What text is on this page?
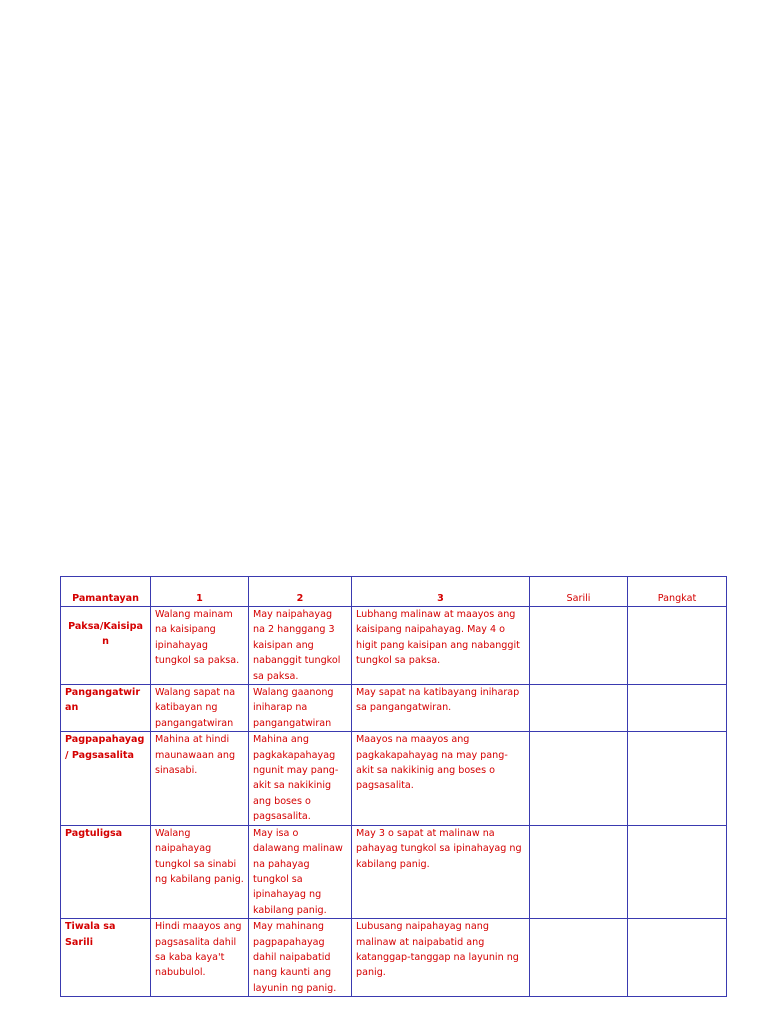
Pamantayan	1	2	3	Sarili	Pangkat
Paksa/Kaisipan	Walang mainam na kaisipang ipinahayag tungkol sa paksa.	May naipahayag na 2 hanggang 3 kaisipan ang nabanggit tungkol sa paksa.	Lubhang malinaw at maayos ang kaisipang naipahayag. May 4 o higit pang kaisipan ang nabanggit tungkol sa paksa.		
Pangangatwiran	Walang sapat na katibayan ng pangangatwiran	Walang gaanong iniharap na pangangatwiran	May sapat na katibayang iniharap sa pangangatwiran.		
Pagpapahayag/ Pagsasalita	Mahina at hindi maunawaan ang sinasabi.	Mahina ang pagkakapahayag ngunit may pang-akit sa nakikinig ang boses o pagsasalita.	Maayos na maayos ang pagkakapahayag na may pang-akit sa nakikinig ang boses o pagsasalita.		
Pagtuligsa	Walang naipahayag tungkol sa sinabi ng kabilang panig.	May isa o dalawang malinaw na pahayag tungkol sa ipinahayag ng kabilang panig.	May 3 o sapat at malinaw na pahayag tungkol sa ipinahayag ng kabilang panig.		
Tiwala sa Sarili	Hindi maayos ang pagsasalita dahil sa kaba kaya't nabubulol.	May mahinang pagpapahayag dahil naipabatid nang kaunti ang layunin ng panig.	Lubusang naipahayag nang malinaw at naipabatid ang katanggap-tanggap na layunin ng panig.		
